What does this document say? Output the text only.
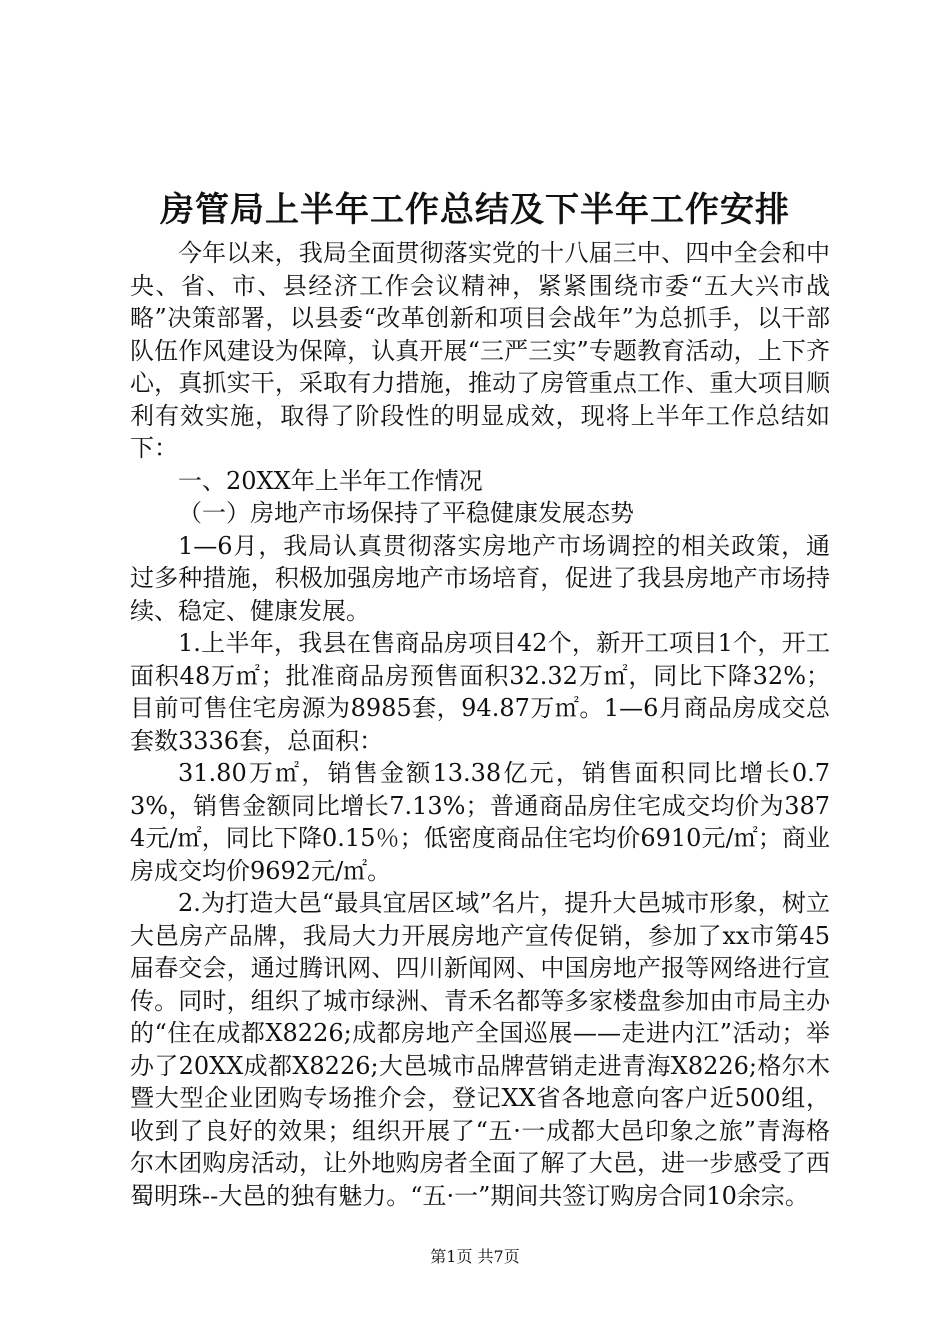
房管局上半年工作总结及下半年工作安排

今年以来，我局全面贯彻落实党的十八届三中、四中全会和中央、省、市、县经济工作会议精神，紧紧围绕市委“五大兴市战略”决策部署，以县委“改革创新和项目会战年”为总抓手，以干部队伍作风建设为保障，认真开展“三严三实”专题教育活动，上下齐心，真抓实干，采取有力措施，推动了房管重点工作、重大项目顺利有效实施，取得了阶段性的明显成效，现将上半年工作总结如下：

一、20XX年上半年工作情况

（一）房地产市场保持了平稳健康发展态势

1—6月，我局认真贯彻落实房地产市场调控的相关政策，通过多种措施，积极加强房地产市场培育，促进了我县房地产市场持续、稳定、健康发展。

1.上半年，我县在售商品房项目42个，新开工项目1个，开工面积48万㎡；批准商品房预售面积32.32万㎡，同比下降32%；目前可售住宅房源为8985套，94.87万㎡。1—6月商品房成交总套数3336套，总面积：

31.80万㎡，销售金额13.38亿元，销售面积同比增长0.73%，销售金额同比增长7.13%；普通商品房住宅成交均价为3874元/㎡，同比下降0.15％；低密度商品住宅均价6910元/㎡；商业房成交均价9692元/㎡。

2.为打造大邑“最具宜居区域”名片，提升大邑城市形象，树立大邑房产品牌，我局大力开展房地产宣传促销，参加了xx市第45届春交会，通过腾讯网、四川新闻网、中国房地产报等网络进行宣传。同时，组织了城市绿洲、青禾名都等多家楼盘参加由市局主办的“住在成都X8226;成都房地产全国巡展——走进内江”活动；举办了20XX成都X8226;大邑城市品牌营销走进青海X8226;格尔木暨大型企业团购专场推介会，登记XX省各地意向客户近500组，收到了良好的效果；组织开展了“五·一成都大邑印象之旅”青海格尔木团购房活动，让外地购房者全面了解了大邑，进一步感受了西蜀明珠--大邑的独有魅力。“五·一”期间共签订购房合同10余宗。

第1页 共7页
